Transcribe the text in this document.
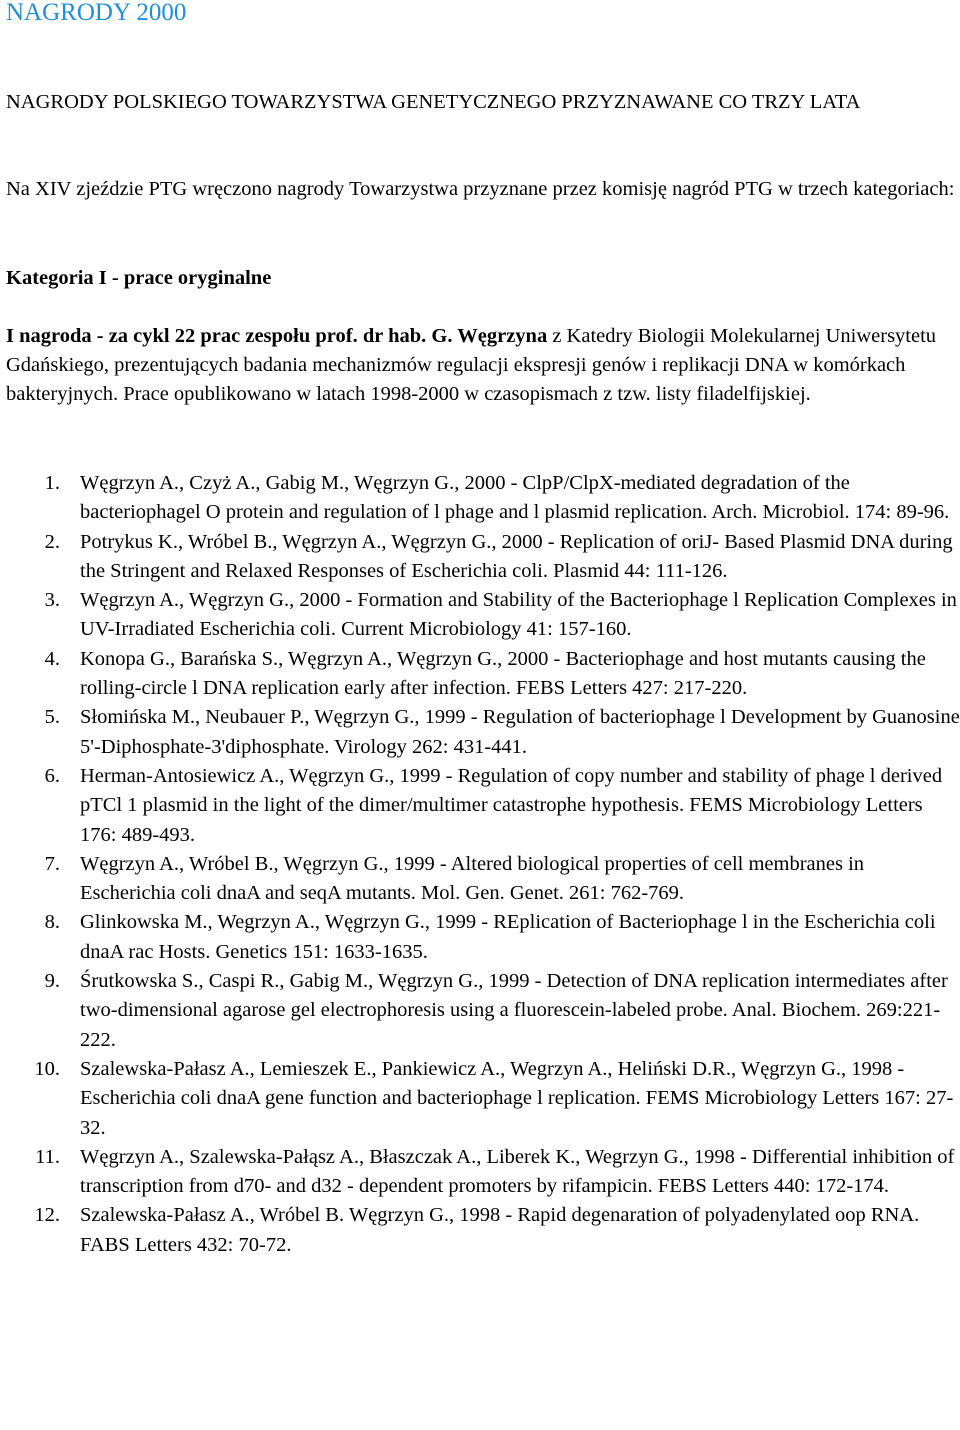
NAGRODY 2000
NAGRODY POLSKIEGO TOWARZYSTWA GENETYCZNEGO PRZYZNAWANE CO TRZY LATA

Na XIV zjeździe PTG wręczono nagrody Towarzystwa przyznane przez komisję nagród PTG w trzech kategoriach:

Kategoria I - prace oryginalne

I nagroda - za cykl 22 prac zespołu prof. dr hab. G. Węgrzyna z Katedry Biologii Molekularnej Uniwersytetu Gdańskiego, prezentujących badania mechanizmów regulacji ekspresji genów i replikacji DNA w komórkach bakteryjnych. Prace opublikowano w latach 1998-2000 w czasopismach z tzw. listy filadelfijskiej.

1. Węgrzyn A., Czyż A., Gabig M., Węgrzyn G., 2000 - ClpP/ClpX-mediated degradation of the bacteriophagel O protein and regulation of l phage and l plasmid replication. Arch. Microbiol. 174: 89-96.
2. Potrykus K., Wróbel B., Węgrzyn A., Węgrzyn G., 2000 - Replication of oriJ- Based Plasmid DNA during the Stringent and Relaxed Responses of Escherichia coli. Plasmid 44: 111-126.
3. Węgrzyn A., Węgrzyn G., 2000 - Formation and Stability of the Bacteriophage l Replication Complexes in UV-Irradiated Escherichia coli. Current Microbiology 41: 157-160.
4. Konopa G., Barańska S., Węgrzyn A., Węgrzyn G., 2000 - Bacteriophage and host mutants causing the rolling-circle l DNA replication early after infection. FEBS Letters 427: 217-220.
5. Słomińska M., Neubauer P., Węgrzyn G., 1999 - Regulation of bacteriophage l Development by Guanosine 5'-Diphosphate-3'diphosphate. Virology 262: 431-441.
6. Herman-Antosiewicz A., Węgrzyn G., 1999 - Regulation of copy number and stability of phage l derived pTCl 1 plasmid in the light of the dimer/multimer catastrophe hypothesis. FEMS Microbiology Letters 176: 489-493.
7. Węgrzyn A., Wróbel B., Węgrzyn G., 1999 - Altered biological properties of cell membranes in Escherichia coli dnaA and seqA mutants. Mol. Gen. Genet. 261: 762-769.
8. Glinkowska M., Wegrzyn A., Węgrzyn G., 1999 - REplication of Bacteriophage l in the Escherichia coli dnaA rac Hosts. Genetics 151: 1633-1635.
9. Śrutkowska S., Caspi R., Gabig M., Węgrzyn G., 1999 - Detection of DNA replication intermediates after two-dimensional agarose gel electrophoresis using a fluorescein-labeled probe. Anal. Biochem. 269:221-222.
10. Szalewska-Pałasz A., Lemieszek E., Pankiewicz A., Wegrzyn A., Heliński D.R., Węgrzyn G., 1998 - Escherichia coli dnaA gene function and bacteriophage l replication. FEMS Microbiology Letters 167: 27-32.
11. Węgrzyn A., Szalewska-Pałąsz A., Błaszczak A., Liberek K., Wegrzyn G., 1998 - Differential inhibition of transcription from d70- and d32 - dependent promoters by rifampicin. FEBS Letters 440: 172-174.
12. Szalewska-Pałasz A., Wróbel B. Węgrzyn G., 1998 - Rapid degenaration of polyadenylated oop RNA. FABS Letters 432: 70-72.
